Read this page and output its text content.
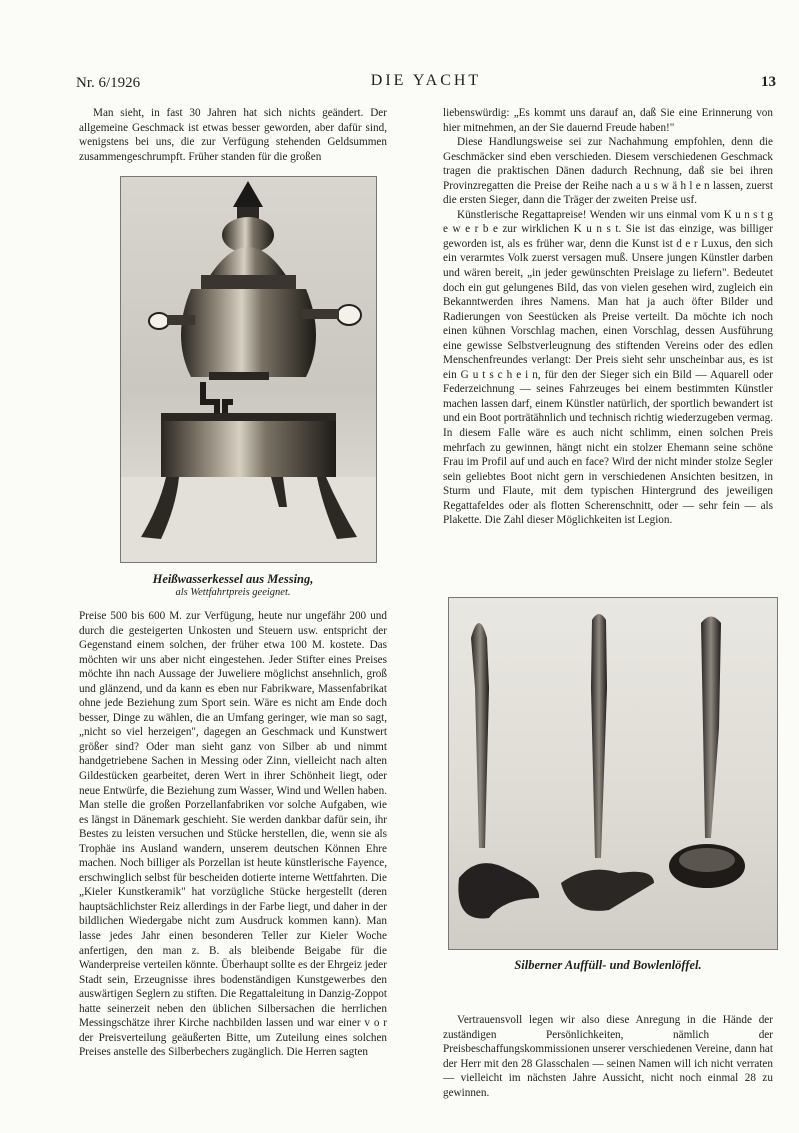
Nr. 6/1926	DIE YACHT	13

Man sieht, in fast 30 Jahren hat sich nichts geändert. Der allgemeine Geschmack ist etwas besser geworden, aber dafür sind, wenigstens bei uns, die zur Verfügung stehenden Geldsummen zusammengeschrumpft. Früher standen für die großen

Heißwasserkessel aus Messing,
als Wettfahrtpreis geeignet.

Preise 500 bis 600 M. zur Verfügung, heute nur ungefähr 200 und durch die gesteigerten Unkosten und Steuern usw. entspricht der Gegenstand einem solchen, der früher etwa 100 M. kostete. Das möchten wir uns aber nicht eingestehen. Jeder Stifter eines Preises möchte ihn nach Aussage der Juweliere möglichst ansehnlich, groß und glänzend, und da kann es eben nur Fabrikware, Massenfabrikat ohne jede Beziehung zum Sport sein. Wäre es nicht am Ende doch besser, Dinge zu wählen, die an Umfang geringer, wie man so sagt, „nicht so viel herzeigen", dagegen an Geschmack und Kunstwert größer sind? Oder man sieht ganz von Silber ab und nimmt handgetriebene Sachen in Messing oder Zinn, vielleicht nach alten Gildestücken gearbeitet, deren Wert in ihrer Schönheit liegt, oder neue Entwürfe, die Beziehung zum Wasser, Wind und Wellen haben. Man stelle die großen Porzellanfabriken vor solche Aufgaben, wie es längst in Dänemark geschieht. Sie werden dankbar dafür sein, ihr Bestes zu leisten versuchen und Stücke herstellen, die, wenn sie als Trophäe ins Ausland wandern, unserem deutschen Können Ehre machen. Noch billiger als Porzellan ist heute künstlerische Fayence, erschwinglich selbst für bescheiden dotierte interne Wettfahrten. Die „Kieler Kunstkeramik" hat vorzügliche Stücke hergestellt (deren hauptsächlichster Reiz allerdings in der Farbe liegt, und daher in der bildlichen Wiedergabe nicht zum Ausdruck kommen kann). Man lasse jedes Jahr einen besonderen Teller zur Kieler Woche anfertigen, den man z. B. als bleibende Beigabe für die Wanderpreise verteilen könnte. Überhaupt sollte es der Ehrgeiz jeder Stadt sein, Erzeugnisse ihres bodenständigen Kunstgewerbes den auswärtigen Seglern zu stiften. Die Regattaleitung in Danzig-Zoppot hatte seinerzeit neben den üblichen Silbersachen die herrlichen Messingschätze ihrer Kirche nachbilden lassen und war einer v o r der Preisverteilung geäußerten Bitte, um Zuteilung eines solchen Preises anstelle des Silberbechers zugänglich. Die Herren sagten

liebenswürdig: „Es kommt uns darauf an, daß Sie eine Erinnerung von hier mitnehmen, an der Sie dauernd Freude haben!"

Diese Handlungsweise sei zur Nachahmung empfohlen, denn die Geschmäcker sind eben verschieden. Diesem verschiedenen Geschmack tragen die praktischen Dänen dadurch Rechnung, daß sie bei ihren Provinzregatten die Preise der Reihe nach a u s w ä h l e n lassen, zuerst die ersten Sieger, dann die Träger der zweiten Preise usf.

Künstlerische Regattapreise! Wenden wir uns einmal vom K u n s t g e w e r b e zur wirklichen K u n s t. Sie ist das einzige, was billiger geworden ist, als es früher war, denn die Kunst ist d e r Luxus, den sich ein verarmtes Volk zuerst versagen muß. Unsere jungen Künstler darben und wären bereit, „in jeder gewünschten Preislage zu liefern". Bedeutet doch ein gut gelungenes Bild, das von vielen gesehen wird, zugleich ein Bekanntwerden ihres Namens. Man hat ja auch öfter Bilder und Radierungen von Seestücken als Preise verteilt. Da möchte ich noch einen kühnen Vorschlag machen, einen Vorschlag, dessen Ausführung eine gewisse Selbstverleugnung des stiftenden Vereins oder des edlen Menschenfreundes verlangt: Der Preis sieht sehr unscheinbar aus, es ist ein G u t s c h e i n, für den der Sieger sich ein Bild — Aquarell oder Federzeichnung — seines Fahrzeuges bei einem bestimmten Künstler machen lassen darf, einem Künstler natürlich, der sportlich bewandert ist und ein Boot porträtähnlich und technisch richtig wiederzugeben vermag. In diesem Falle wäre es auch nicht schlimm, einen solchen Preis mehrfach zu gewinnen, hängt nicht ein stolzer Ehemann seine schöne Frau im Profil auf und auch en face? Wird der nicht minder stolze Segler sein geliebtes Boot nicht gern in verschiedenen Ansichten besitzen, in Sturm und Flaute, mit dem typischen Hintergrund des jeweiligen Regattafeldes oder als flotten Scherenschnitt, oder — sehr fein — als Plakette. Die Zahl dieser Möglichkeiten ist Legion.

Silberner Auffüll- und Bowlenlöffel.

Vertrauensvoll legen wir also diese Anregung in die Hände der zuständigen Persönlichkeiten, nämlich der Preisbeschaffungskommissionen unserer verschiedenen Vereine, dann hat der Herr mit den 28 Glasschalen — seinen Namen will ich nicht verraten — vielleicht im nächsten Jahre Aussicht, nicht noch einmal 28 zu gewinnen.
